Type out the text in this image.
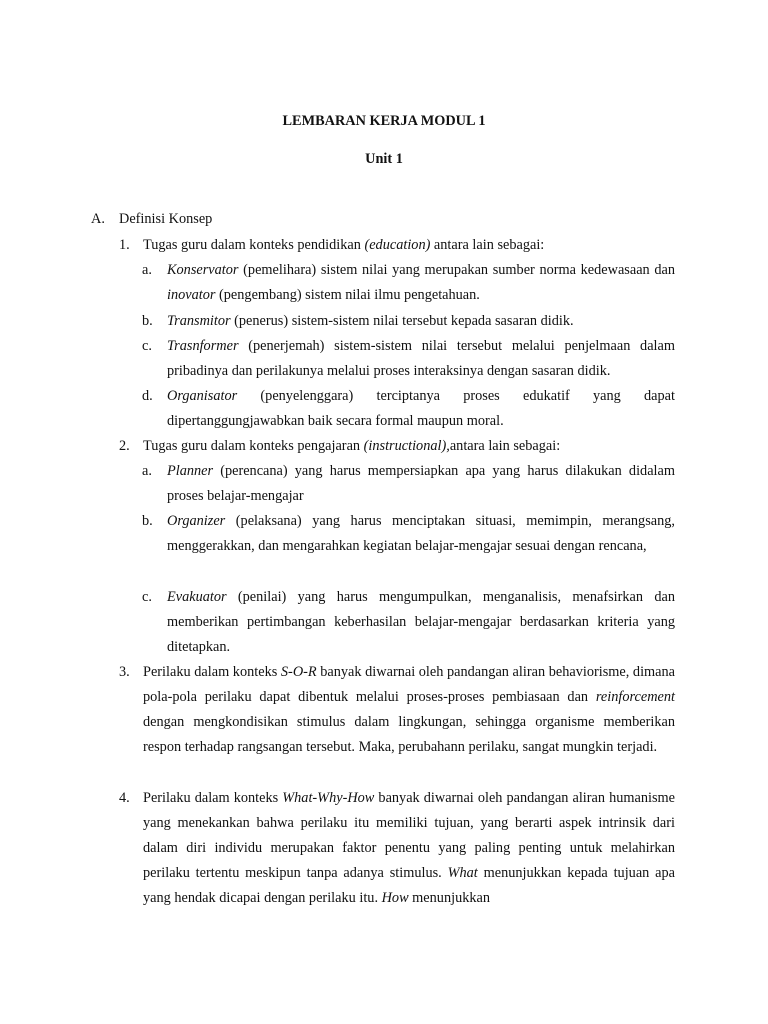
LEMBARAN KERJA MODUL 1

Unit 1

A. Definisi Konsep

1. Tugas guru dalam konteks pendidikan (education) antara lain sebagai:

a. Konservator (pemelihara) sistem nilai yang merupakan sumber norma kedewasaan dan inovator (pengembang) sistem nilai ilmu pengetahuan.

b. Transmitor (penerus) sistem-sistem nilai tersebut kepada sasaran didik.

c. Trasnformer (penerjemah) sistem-sistem nilai tersebut melalui penjelmaan dalam pribadinya dan perilakunya melalui proses interaksinya dengan sasaran didik.

d. Organisator (penyelenggara) terciptanya proses edukatif yang dapat dipertanggungjawabkan baik secara formal maupun moral.

2. Tugas guru dalam konteks pengajaran (instructional),antara lain sebagai:

a. Planner (perencana) yang harus mempersiapkan apa yang harus dilakukan didalam proses belajar-mengajar

b. Organizer (pelaksana) yang harus menciptakan situasi, memimpin, merangsang, menggerakkan, dan mengarahkan kegiatan belajar-mengajar sesuai dengan rencana,

c. Evakuator (penilai) yang harus mengumpulkan, menganalisis, menafsirkan dan memberikan pertimbangan keberhasilan belajar-mengajar berdasarkan kriteria yang ditetapkan.

3. Perilaku dalam konteks S-O-R banyak diwarnai oleh pandangan aliran behaviorisme, dimana pola-pola perilaku dapat dibentuk melalui proses-proses pembiasaan dan reinforcement dengan mengkondisikan stimulus dalam lingkungan, sehingga organisme memberikan respon terhadap rangsangan tersebut. Maka, perubahann perilaku, sangat mungkin terjadi.

4. Perilaku dalam konteks What-Why-How banyak diwarnai oleh pandangan aliran humanisme yang menekankan bahwa perilaku itu memiliki tujuan, yang berarti aspek intrinsik dari dalam diri individu merupakan faktor penentu yang paling penting untuk melahirkan perilaku tertentu meskipun tanpa adanya stimulus. What menunjukkan kepada tujuan apa yang hendak dicapai dengan perilaku itu. How menunjukkan
